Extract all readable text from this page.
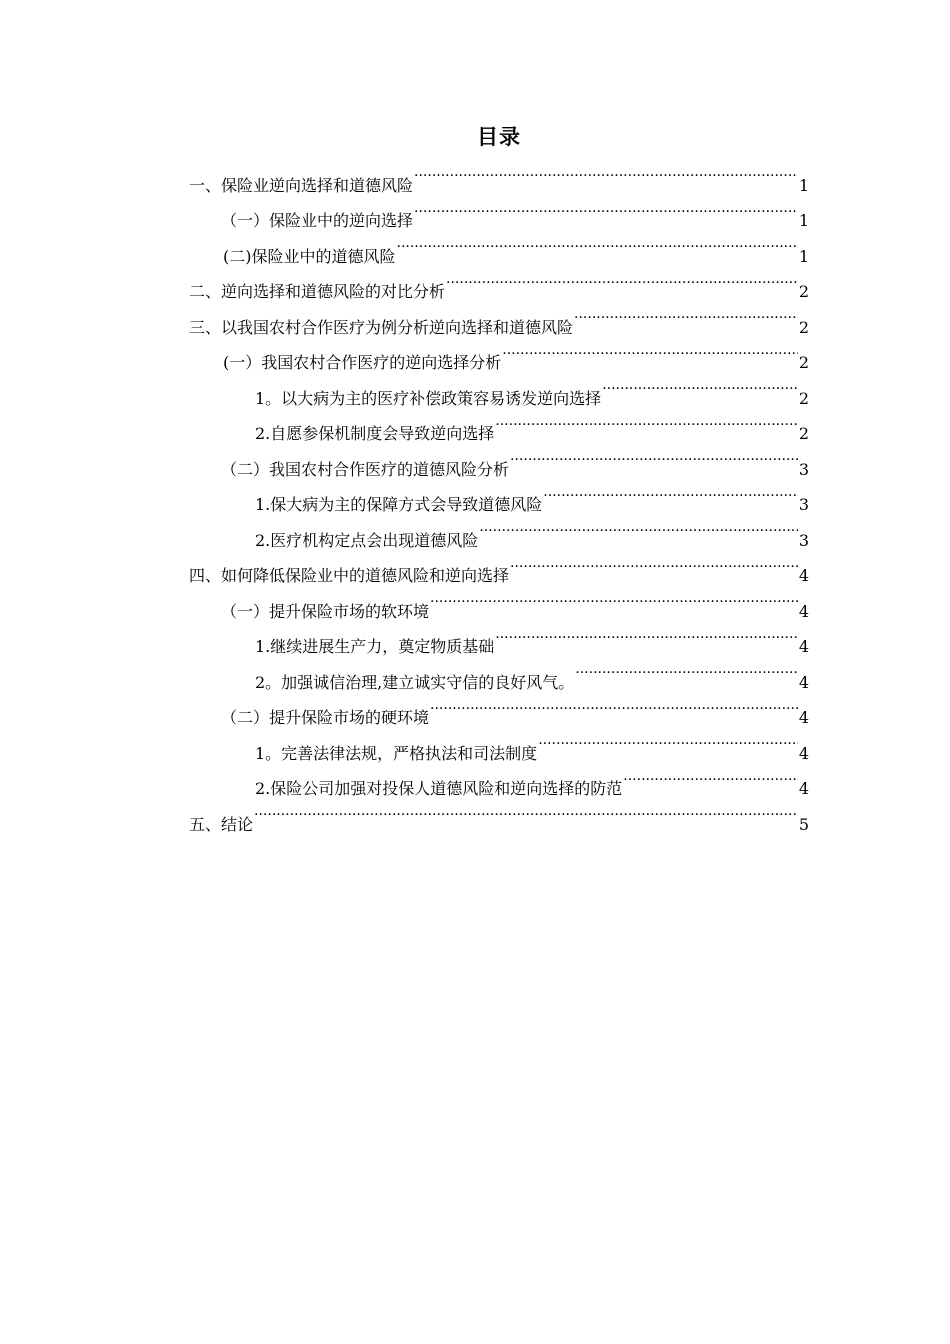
目录
一、保险业逆向选择和道德风险 .....	1
（一）保险业中的逆向选择 .....	1
(二)保险业中的道德风险 .....	1
二、逆向选择和道德风险的对比分析 .....	2
三、以我国农村合作医疗为例分析逆向选择和道德风险 .....	2
(一）我国农村合作医疗的逆向选择分析 .....	2
1。以大病为主的医疗补偿政策容易诱发逆向选择 .....	2
2.自愿参保机制度会导致逆向选择 .....	2
（二）我国农村合作医疗的道德风险分析 .....	3
1.保大病为主的保障方式会导致道德风险 .....	3
2.医疗机构定点会出现道德风险 .....	3
四、如何降低保险业中的道德风险和逆向选择 .....	4
（一）提升保险市场的软环境 .....	4
1.继续进展生产力，奠定物质基础 .....	4
2。加强诚信治理,建立诚实守信的良好风气。 .....	4
（二）提升保险市场的硬环境 .....	4
1。完善法律法规，严格执法和司法制度 .....	4
2.保险公司加强对投保人道德风险和逆向选择的防范 .....	4
五、结论 .....	5
